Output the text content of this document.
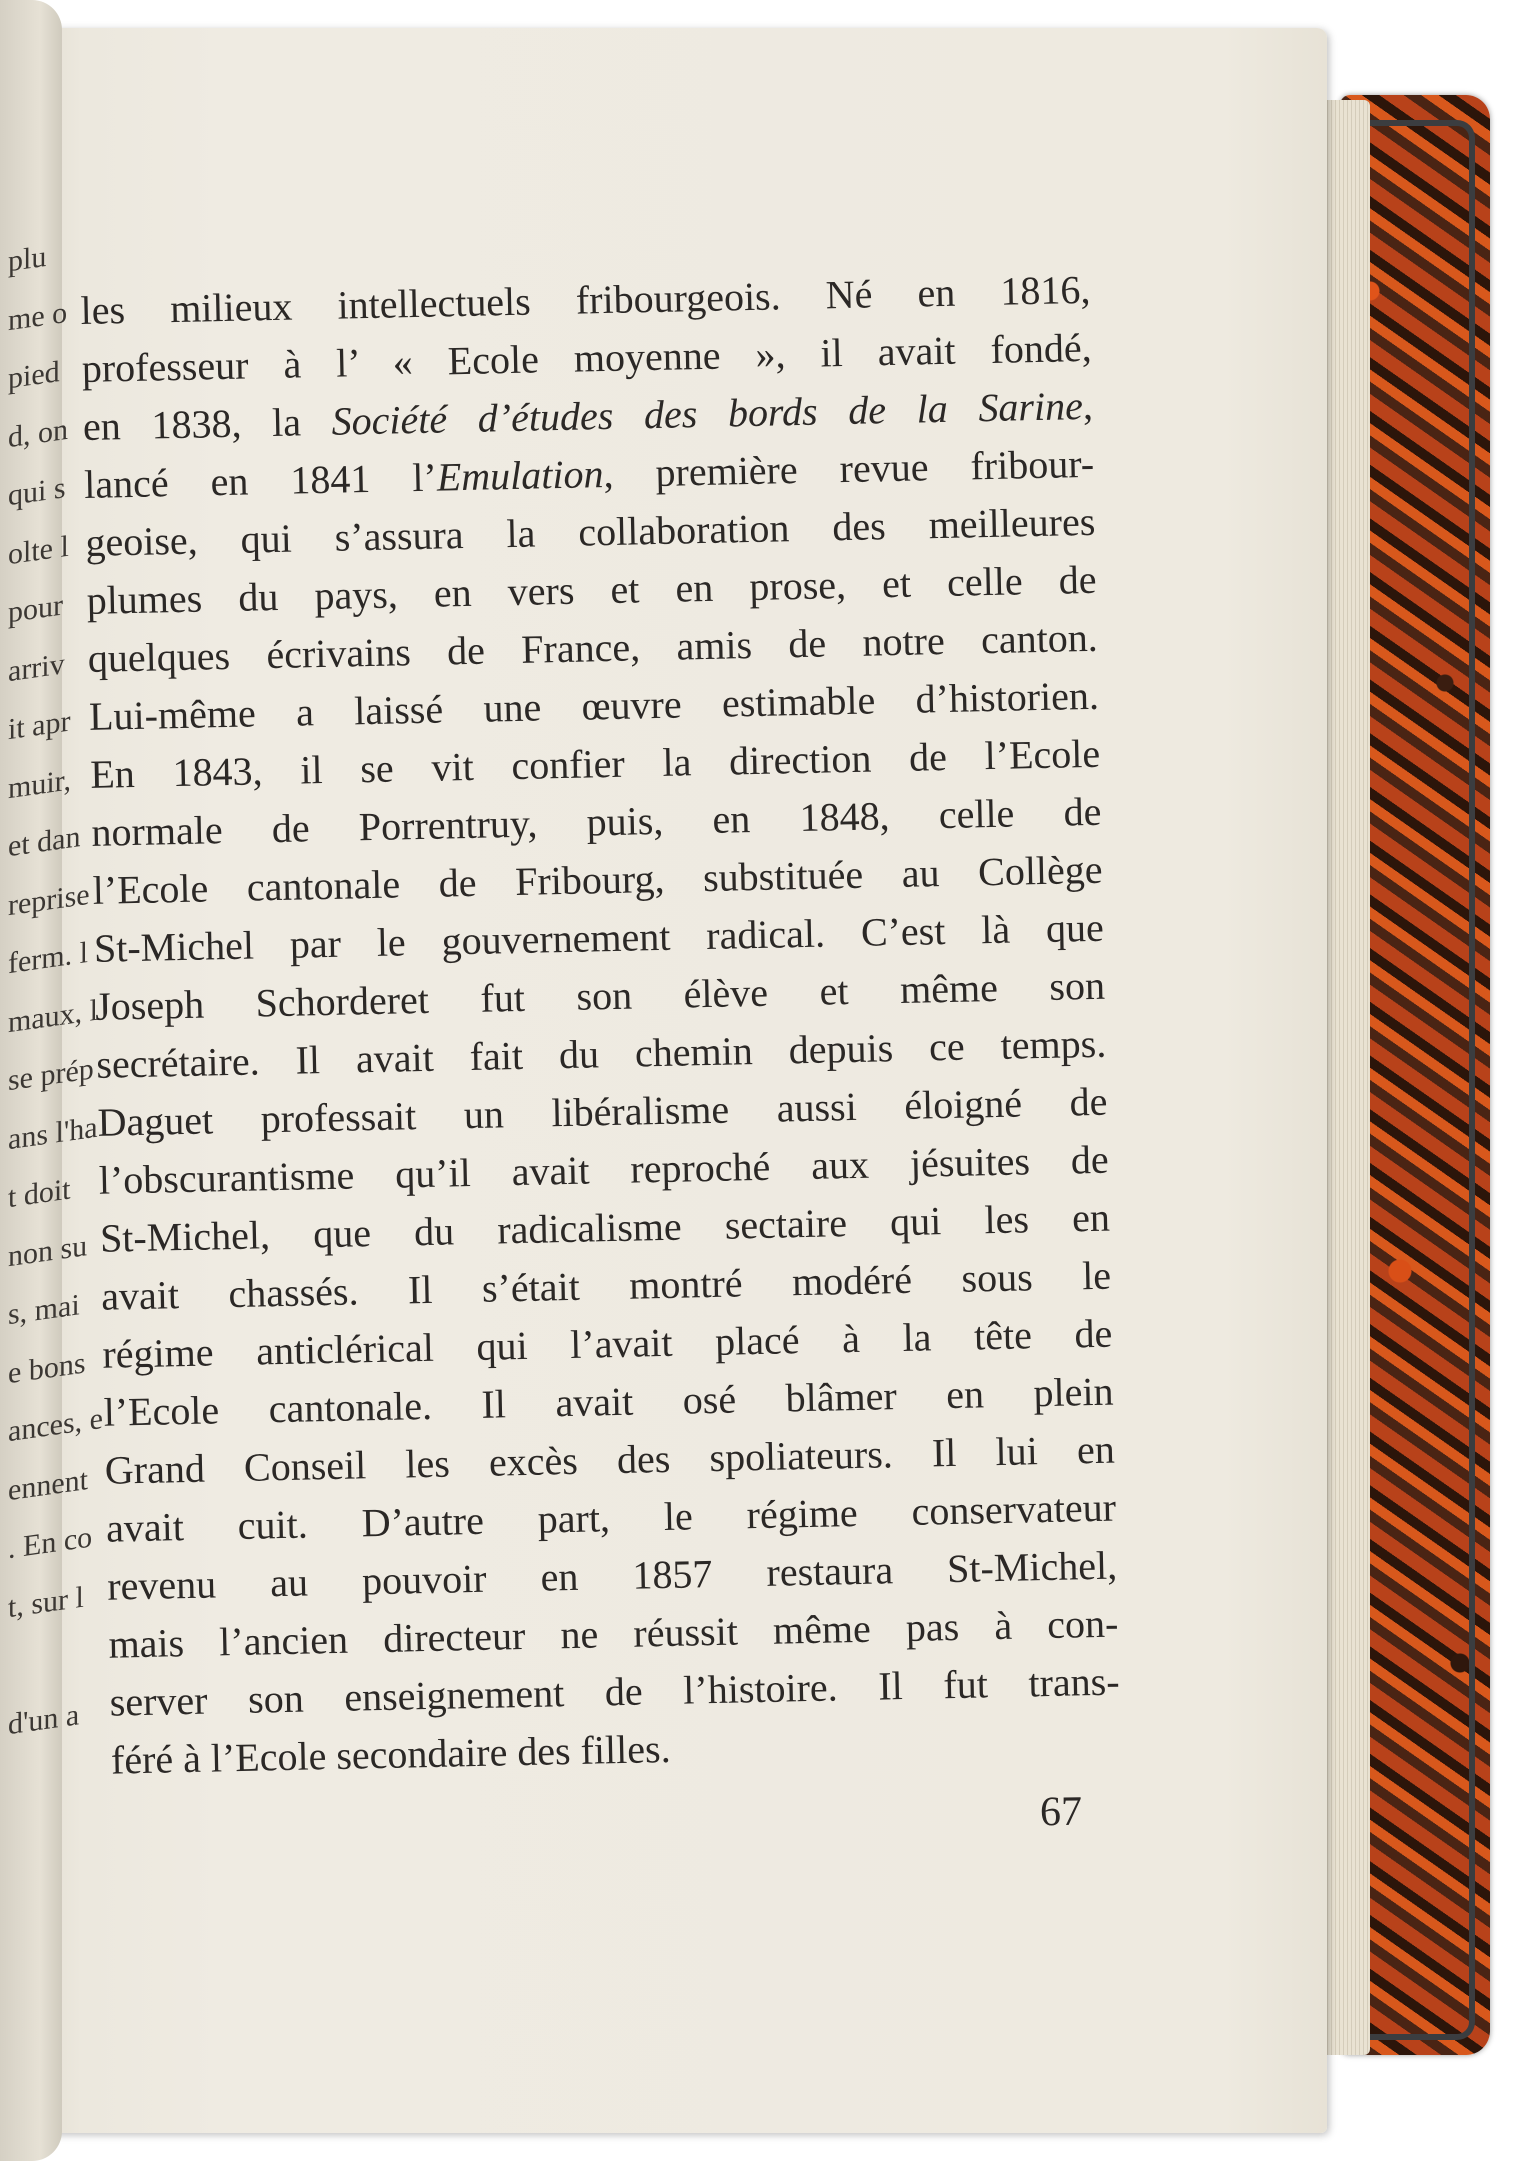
plu
me o
pied
d, on
qui s
olte l
pour
arriv
it apr
muir,
et dan
reprise
ferm. l
maux, l
se prép
ans l'ha
t doit
non su
s, mai
e bons
ances, e
ennent
. En co
t, sur l

d'un a
les milieux intellectuels fribourgeois. Né en 1816,
professeur à l’ « Ecole moyenne », il avait fondé,
en 1838, la Société d’études des bords de la Sarine,
lancé en 1841 l’Emulation, première revue fribour-
geoise, qui s’assura la collaboration des meilleures
plumes du pays, en vers et en prose, et celle de
quelques écrivains de France, amis de notre canton.
Lui-même a laissé une œuvre estimable d’historien.
En 1843, il se vit confier la direction de l’Ecole
normale de Porrentruy, puis, en 1848, celle de
l’Ecole cantonale de Fribourg, substituée au Collège
St-Michel par le gouvernement radical. C’est là que
Joseph Schorderet fut son élève et même son
secrétaire. Il avait fait du chemin depuis ce temps.
Daguet professait un libéralisme aussi éloigné de
l’obscurantisme qu’il avait reproché aux jésuites de
St-Michel, que du radicalisme sectaire qui les en
avait chassés. Il s’était montré modéré sous le
régime anticlérical qui l’avait placé à la tête de
l’Ecole cantonale. Il avait osé blâmer en plein
Grand Conseil les excès des spoliateurs. Il lui en
avait cuit. D’autre part, le régime conservateur
revenu au pouvoir en 1857 restaura St-Michel,
mais l’ancien directeur ne réussit même pas à con-
server son enseignement de l’histoire. Il fut trans-
féré à l’Ecole secondaire des filles.
67
